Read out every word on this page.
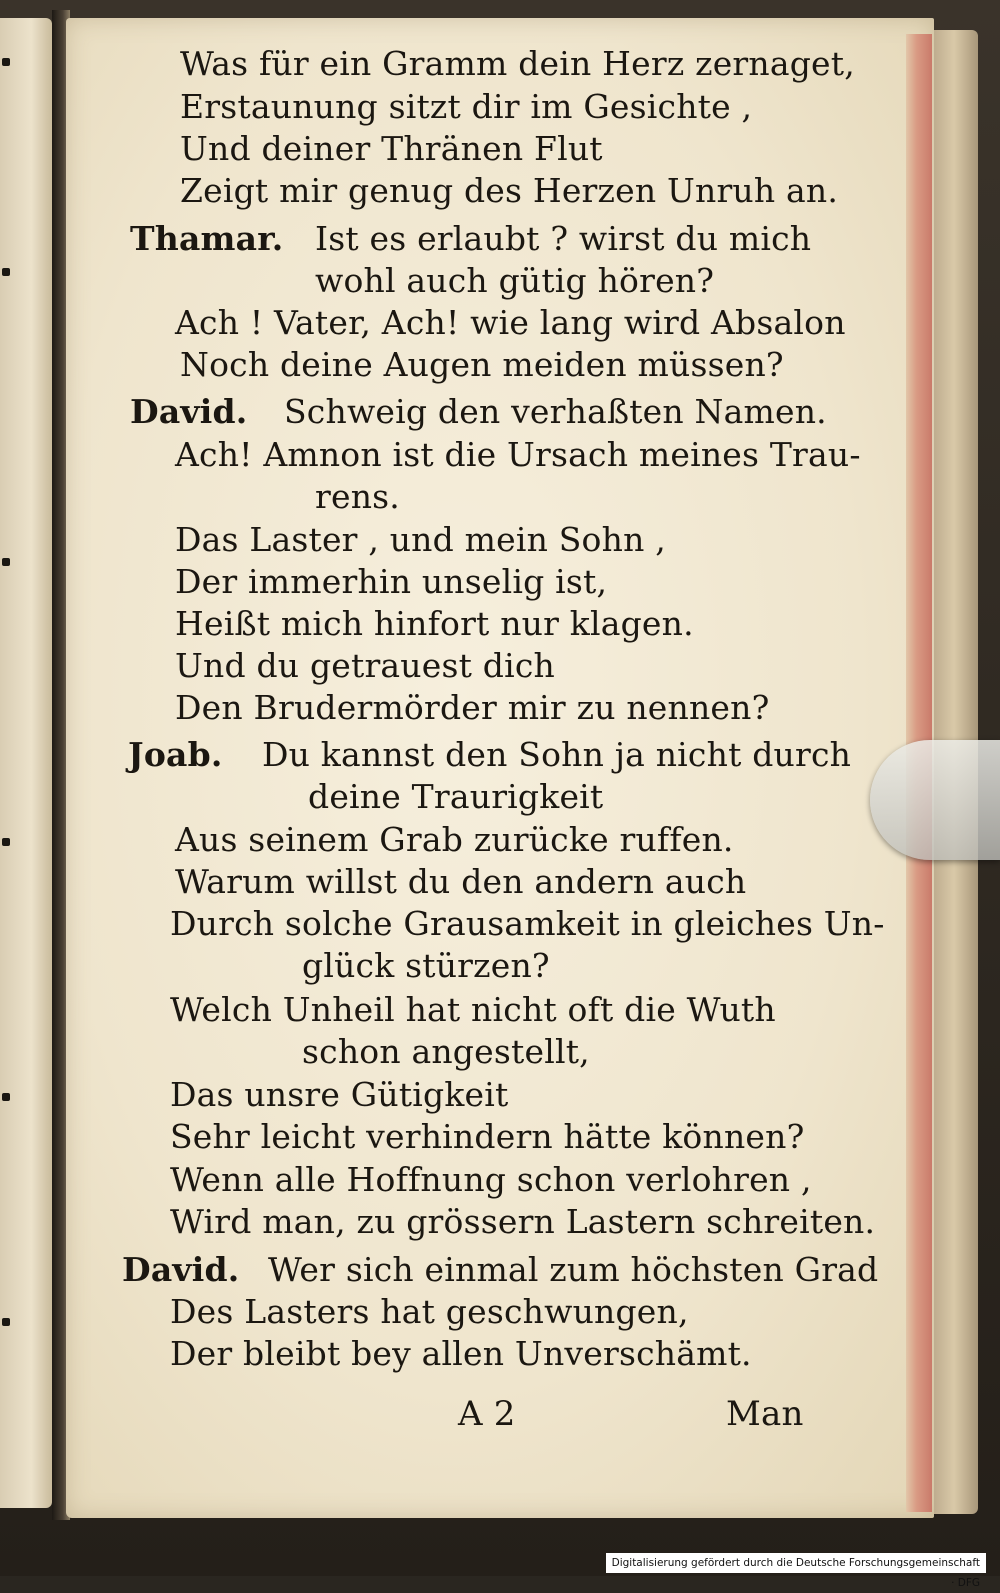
Was für ein Gramm dein Herz zernaget,
Erstaunung sitzt dir im Gesichte ,
Und deiner Thränen Flut
Zeigt mir genug des Herzen Unruh an.
Thamar. Ist es erlaubt ? wirst du mich
wohl auch gütig hören?
Ach ! Vater, Ach! wie lang wird Absalon
Noch deine Augen meiden müssen?
David. Schweig den verhaßten Namen.
Ach! Amnon ist die Ursach meines Trau-
rens.
Das Laster , und mein Sohn ,
Der immerhin unselig ist,
Heißt mich hinfort nur klagen.
Und du getrauest dich
Den Brudermörder mir zu nennen?
Joab. Du kannst den Sohn ja nicht durch
deine Traurigkeit
Aus seinem Grab zurücke ruffen.
Warum willst du den andern auch
Durch solche Grausamkeit in gleiches Un-
glück stürzen?
Welch Unheil hat nicht oft die Wuth
schon angestellt,
Das unsre Gütigkeit
Sehr leicht verhindern hätte können?
Wenn alle Hoffnung schon verlohren ,
Wird man, zu grössern Lastern schreiten.
David. Wer sich einmal zum höchsten Grad
Des Lasters hat geschwungen,
Der bleibt bey allen Unverschämt.
A 2	Man
Digitalisierung gefördert durch die Deutsche Forschungsgemeinschaft · DFG
